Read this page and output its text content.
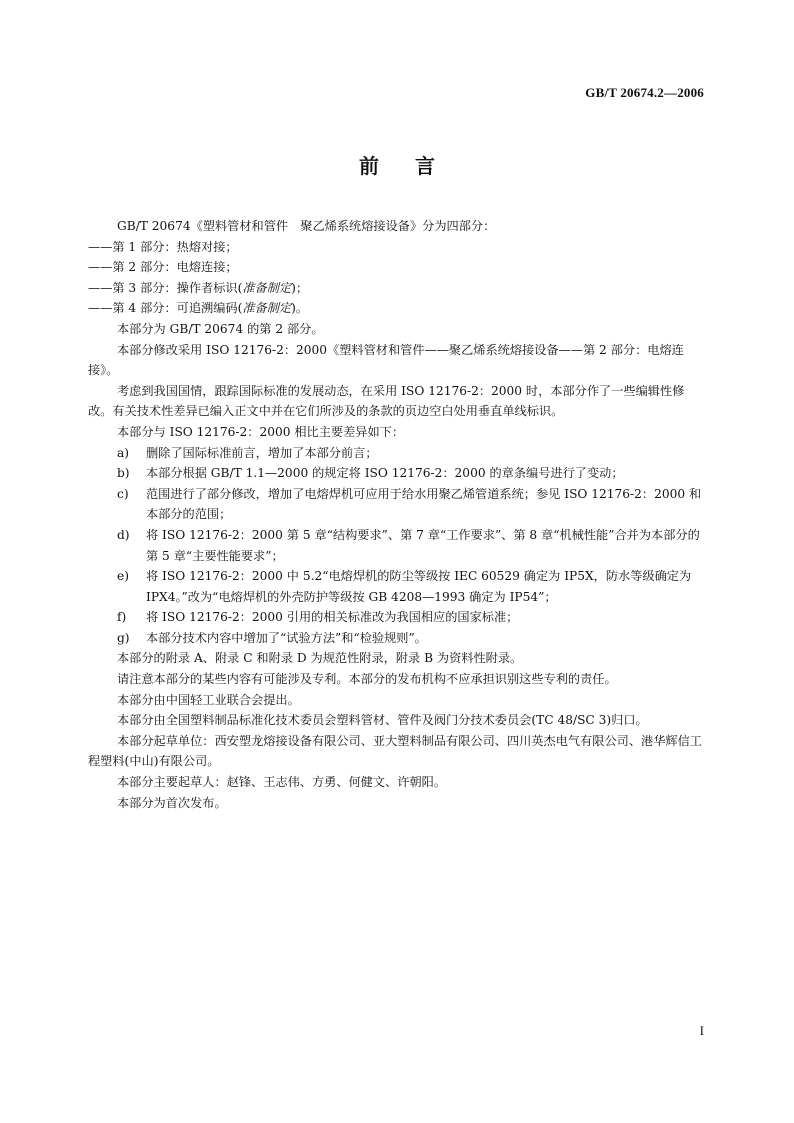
GB/T 20674.2—2006
前 言

GB/T 20674《塑料管材和管件　聚乙烯系统熔接设备》分为四部分：

——第 1 部分：热熔对接；

——第 2 部分：电熔连接；

——第 3 部分：操作者标识(准备制定)；

——第 4 部分：可追溯编码(准备制定)。

本部分为 GB/T 20674 的第 2 部分。

本部分修改采用 ISO 12176-2：2000《塑料管材和管件——聚乙烯系统熔接设备——第 2 部分：电熔连接》。

考虑到我国国情，跟踪国际标准的发展动态，在采用 ISO 12176-2：2000 时，本部分作了一些编辑性修改。有关技术性差异已编入正文中并在它们所涉及的条款的页边空白处用垂直单线标识。

本部分与 ISO 12176-2：2000 相比主要差异如下：

a) 删除了国际标准前言，增加了本部分前言；
b) 本部分根据 GB/T 1.1—2000 的规定将 ISO 12176-2：2000 的章条编号进行了变动；
c) 范围进行了部分修改，增加了电熔焊机可应用于给水用聚乙烯管道系统；参见 ISO 12176-2：2000 和本部分的范围；
d) 将 ISO 12176-2：2000 第 5 章“结构要求”、第 7 章“工作要求”、第 8 章“机械性能”合并为本部分的第 5 章“主要性能要求”；
e) 将 ISO 12176-2：2000 中 5.2“电熔焊机的防尘等级按 IEC 60529 确定为 IP5X，防水等级确定为 IPX4。”改为“电熔焊机的外壳防护等级按 GB 4208—1993 确定为 IP54”；
f) 将 ISO 12176-2：2000 引用的相关标准改为我国相应的国家标准；
g) 本部分技术内容中增加了“试验方法”和“检验规则”。

本部分的附录 A、附录 C 和附录 D 为规范性附录，附录 B 为资料性附录。

请注意本部分的某些内容有可能涉及专利。本部分的发布机构不应承担识别这些专利的责任。

本部分由中国轻工业联合会提出。

本部分由全国塑料制品标准化技术委员会塑料管材、管件及阀门分技术委员会(TC 48/SC 3)归口。

本部分起草单位：西安塑龙熔接设备有限公司、亚大塑料制品有限公司、四川英杰电气有限公司、港华辉信工程塑料(中山)有限公司。

本部分主要起草人：赵锋、王志伟、方勇、何健文、许朝阳。

本部分为首次发布。

I
